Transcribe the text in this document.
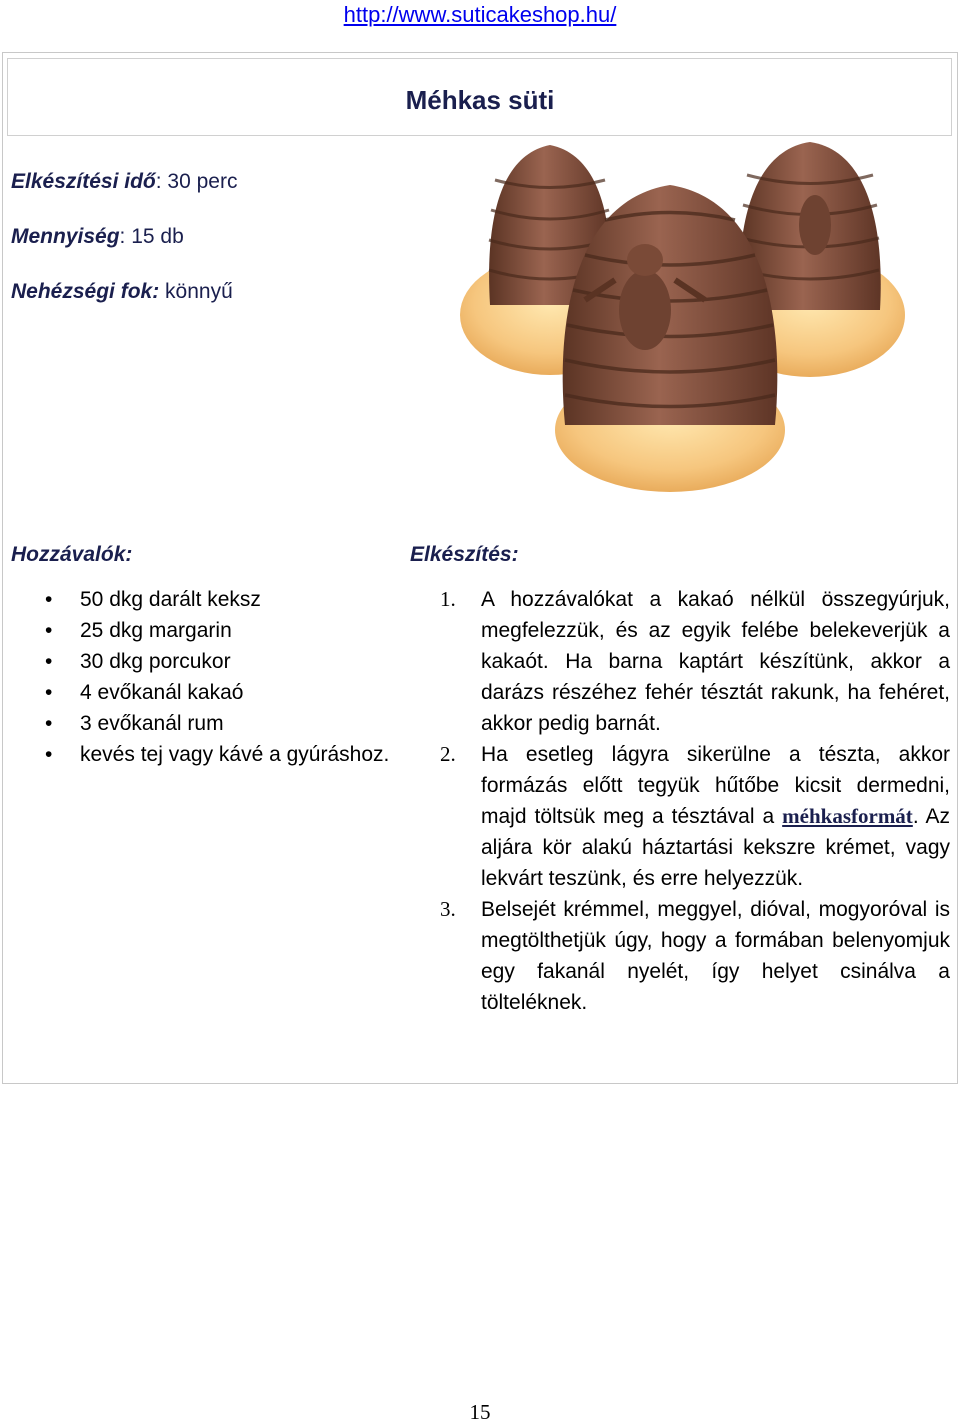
http://www.suticakeshop.hu/
Méhkas süti
Elkészítési idő: 30 perc
Mennyiség: 15 db
Nehézségi fok: könnyű
Hozzávalók:	Elkészítés:
• 50 dkg darált keksz
• 25 dkg margarin
• 30 dkg porcukor
• 4 evőkanál kakaó
• 3 evőkanál rum
• kevés tej vagy kávé a gyúráshoz.
1. A hozzávalókat a kakaó nélkül összegyúrjuk, megfelezzük, és az egyik felébe belekeverjük a kakaót. Ha barna kaptárt készítünk, akkor a darázs részéhez fehér tésztát rakunk, ha fehéret, akkor pedig barnát.
2. Ha esetleg lágyra sikerülne a tészta, akkor formázás előtt tegyük hűtőbe kicsit dermedni, majd töltsük meg a tésztával a méhkasformát. Az aljára kör alakú háztartási kekszre krémet, vagy lekvárt teszünk, és erre helyezzük.
3. Belsejét krémmel, meggyel, dióval, mogyoróval is megtölthetjük úgy, hogy a formában belenyomjuk egy fakanál nyelét, így helyet csinálva a tölteléknek.
15
